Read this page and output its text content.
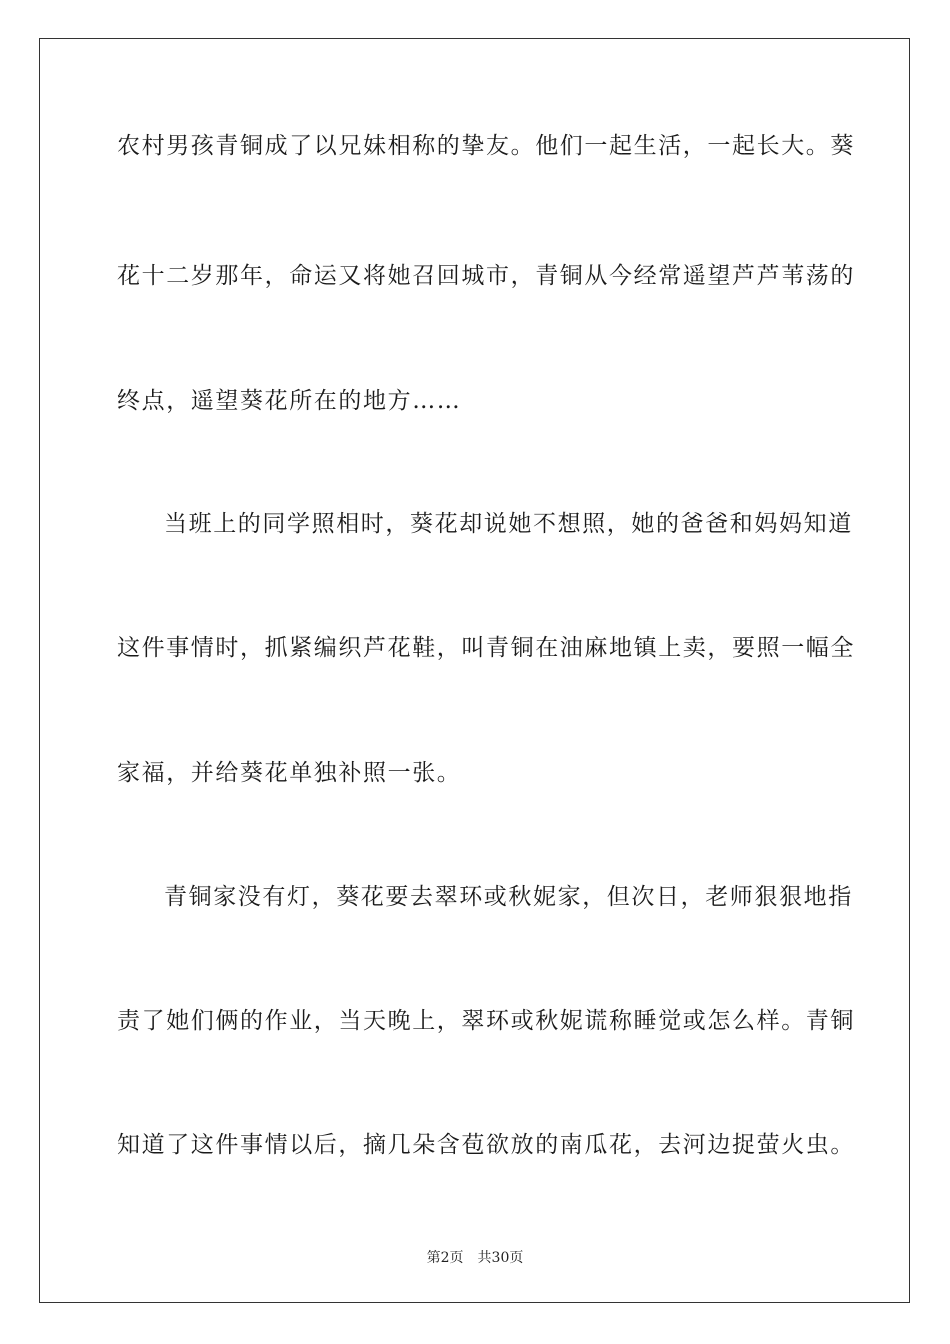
农村男孩青铜成了以兄妹相称的挚友。他们一起生活，一起长大。葵
花十二岁那年，命运又将她召回城市，青铜从今经常遥望芦芦苇荡的
终点，遥望葵花所在的地方……
当班上的同学照相时，葵花却说她不想照，她的爸爸和妈妈知道
这件事情时，抓紧编织芦花鞋，叫青铜在油麻地镇上卖，要照一幅全
家福，并给葵花单独补照一张。
青铜家没有灯，葵花要去翠环或秋妮家，但次日，老师狠狠地指
责了她们俩的作业，当天晚上，翠环或秋妮谎称睡觉或怎么样。青铜
知道了这件事情以后，摘几朵含苞欲放的南瓜花，去河边捉萤火虫。
第2页 共30页
